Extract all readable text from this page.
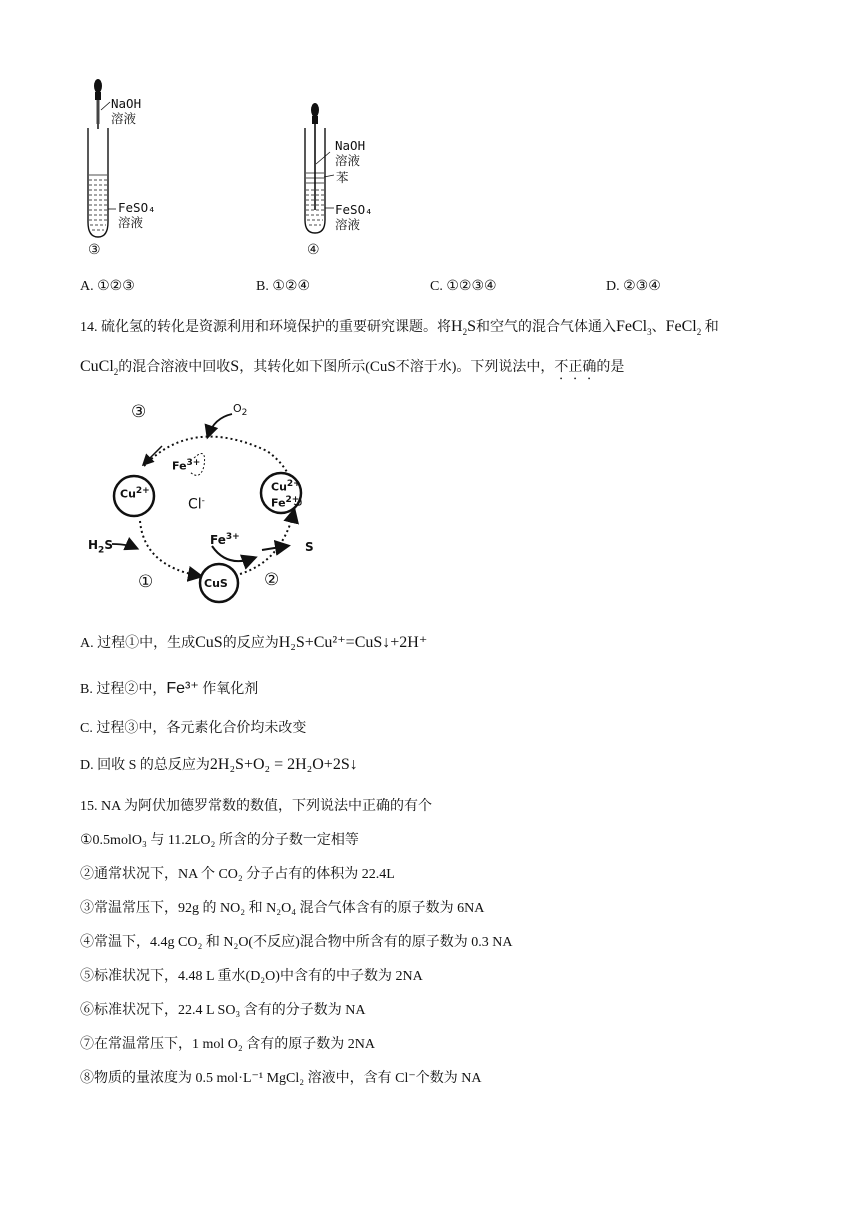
NaOH
溶液
FeSO₄
溶液
③
NaOH
溶液
苯
FeSO₄
溶液
④
A. ①②③	B. ①②④	C. ①②③④	D. ②③④
14. 硫化氢的转化是资源利用和环境保护的重要研究课题。将$H_2S$和空气的混合气体通入FeCl$_3$、FeCl$_2$ 和
CuCl$_2$的混合溶液中回收S，其转化如下图所示(CuS不溶于水)。下列说法中，不正确的是
③	$O_2$
$Fe^{3+}$
$Cu^{2+}$
Cl-
$Cu^{2+}$
$Fe^{2+}$
$Fe^{3+}$
S
$H_2S$
①	CuS ②
A. 过程①中，生成CuS的反应为H₂S+Cu²⁺=CuS↓+2H⁺
B. 过程②中，Fe³⁺ 作氧化剂
C. 过程③中，各元素化合价均未改变
D. 回收 S 的总反应为2H₂S+O₂ = 2H₂O+2S↓
15. NA 为阿伏加德罗常数的数值，下列说法中正确的有个
①0.5molO₃ 与 11.2LO₂ 所含的分子数一定相等
②通常状况下，NA 个 CO₂ 分子占有的体积为 22.4L
③常温常压下，92g 的 NO₂ 和 N₂O₄ 混合气体含有的原子数为 6NA
④常温下，4.4g CO₂ 和 N₂O(不反应)混合物中所含有的原子数为 0.3 NA
⑤标准状况下，4.48 L 重水(D₂O)中含有的中子数为 2NA
⑥标准状况下，22.4 L SO₃ 含有的分子数为 NA
⑦在常温常压下，1 mol O₂ 含有的原子数为 2NA
⑧物质的量浓度为 0.5 mol·L⁻¹ MgCl₂ 溶液中，含有 Cl⁻个数为 NA
